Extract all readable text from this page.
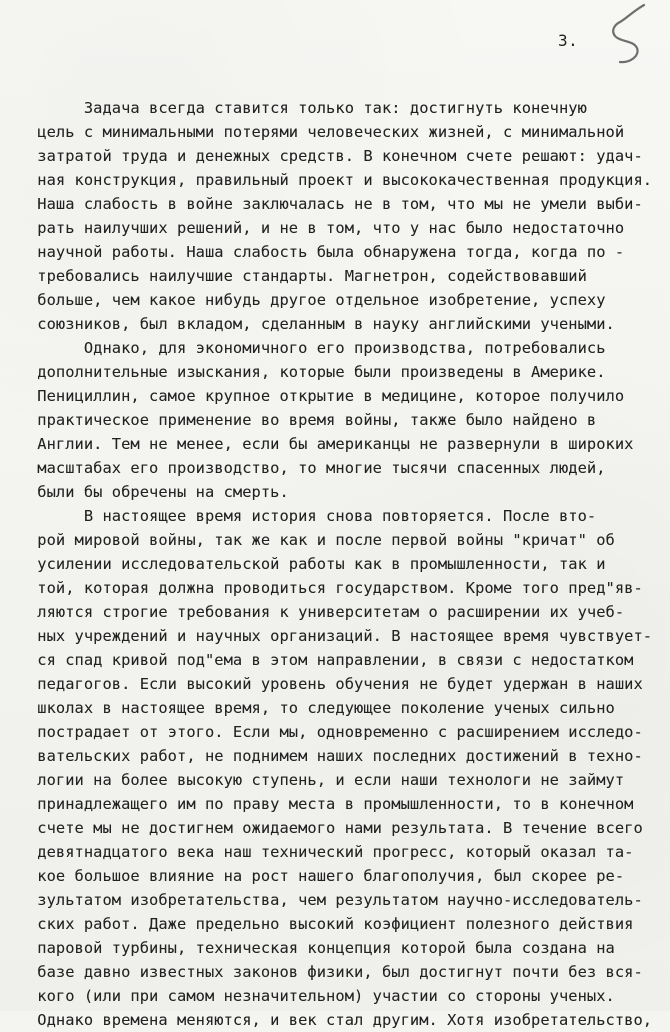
3.
Задача всегда ставится только так: достигнуть конечную
цель с минимальными потерями человеческих жизней, с минимальной
затратой труда и денежных средств. В конечном счете решают: удач-
ная конструкция, правильный проект и высококачественная продукция.
Наша слабость в войне заключалась не в том, что мы не умели выби-
рать наилучших решений, и не в том, что у нас было недостаточно
научной работы. Наша слабость была обнаружена тогда, когда по -
требовались наилучшие стандарты. Магнетрон, содействовавший
больше, чем какое нибудь другое отдельное изобретение, успеху
союзников, был вкладом, сделанным в науку английскими учеными.
Однако, для экономичного его производства, потребовались
дополнительные изыскания, которые были произведены в Америке.
Пенициллин, самое крупное открытие в медицине, которое получило
практическое применение во время войны, также было найдено в
Англии. Тем не менее, если бы американцы не развернули в широких
масштабах его производство, то многие тысячи спасенных людей,
были бы обречены на смерть.
В настоящее время история снова повторяется. После вто-
рой мировой войны, так же как и после первой войны "кричат" об
усилении исследовательской работы как в промышленности, так и
той, которая должна проводиться государством. Кроме того пред"яв-
ляются строгие требования к университетам о расширении их учеб-
ных учреждений и научных организаций. В настоящее время чувствует-
ся спад кривой под"ема в этом направлении, в связи с недостатком
педагогов. Если высокий уровень обучения не будет удержан в наших
школах в настоящее время, то следующее поколение ученых сильно
пострадает от этого. Если мы, одновременно с расширением исследо-
вательских работ, не поднимем наших последних достижений в техно-
логии на более высокую ступень, и если наши технологи не займут
принадлежащего им по праву места в промышленности, то в конечном
счете мы не достигнем ожидаемого нами результата. В течение всего
девятнадцатого века наш технический прогресс, который оказал та-
кое большое влияние на рост нашего благополучия, был скорее ре-
зультатом изобретательства, чем результатом научно-исследователь-
ских работ. Даже предельно высокий коэфициент полезного действия
паровой турбины, техническая концепция которой была создана на
базе давно известных законов физики, был достигнут почти без вся-
кого (или при самом незначительном) участии со стороны ученых.
Однако времена меняются, и век стал другим. Хотя изобретательство,
